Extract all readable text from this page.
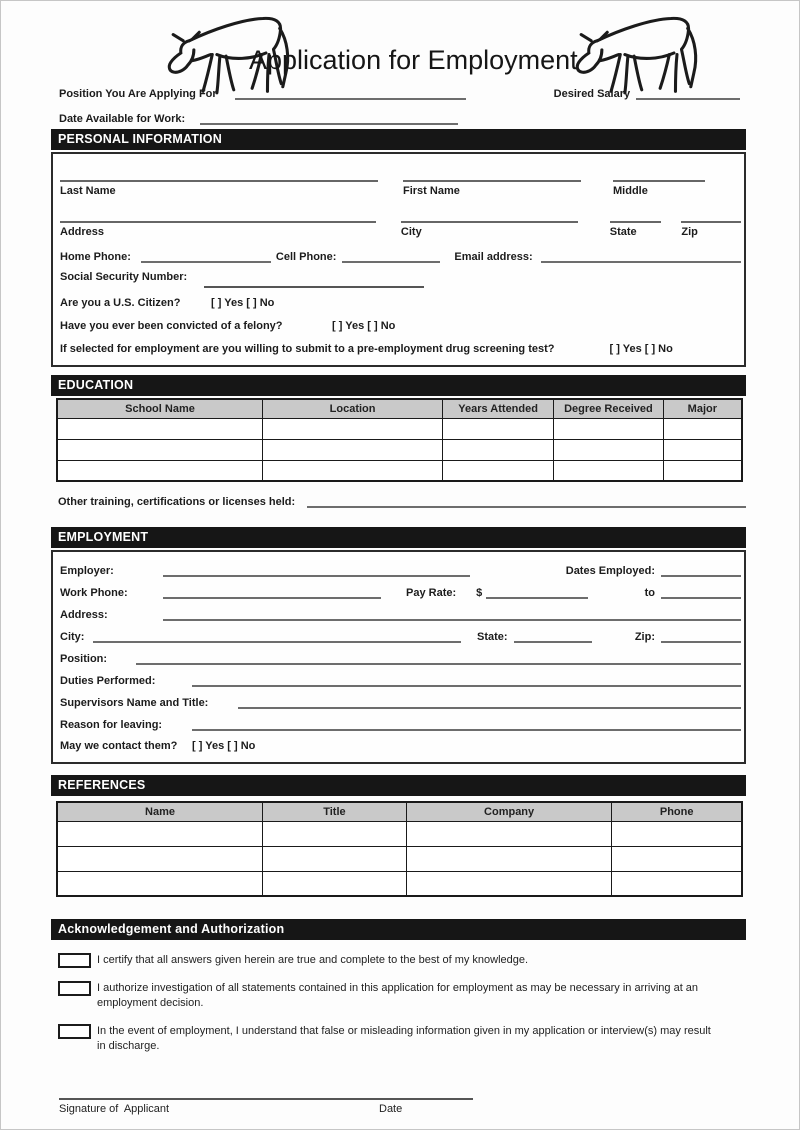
Application for Employment
Position You Are Applying For	Desired Salary
Date Available for Work:
PERSONAL INFORMATION
Last Name	First Name	Middle
Address	City	State	Zip
Home Phone:	Cell Phone:	Email address:
Social Security Number:
Are you a U.S. Citizen?	[ ] Yes [ ] No
Have you ever been convicted of a felony?	[ ] Yes [ ] No
If selected for employment are you willing to submit to a pre-employment drug screening test?	[ ] Yes [ ] No
EDUCATION
School Name	Location	Years Attended	Degree Received	Major

Other training, certifications or licenses held:
EMPLOYMENT
Employer:	Dates Employed:
Work Phone:	Pay Rate: $	to
Address:
City:	State:	Zip:
Position:
Duties Performed:
Supervisors Name and Title:
Reason for leaving:
May we contact them?	[ ] Yes [ ] No
REFERENCES
Name	Title	Company	Phone

Acknowledgement and Authorization
I certify that all answers given herein are true and complete to the best of my knowledge.
I authorize investigation of all statements contained in this application for employment as may be necessary in arriving at an employment decision.
In the event of employment, I understand that false or misleading information given in my application or interview(s) may result in discharge.
Signature of  Applicant	Date
